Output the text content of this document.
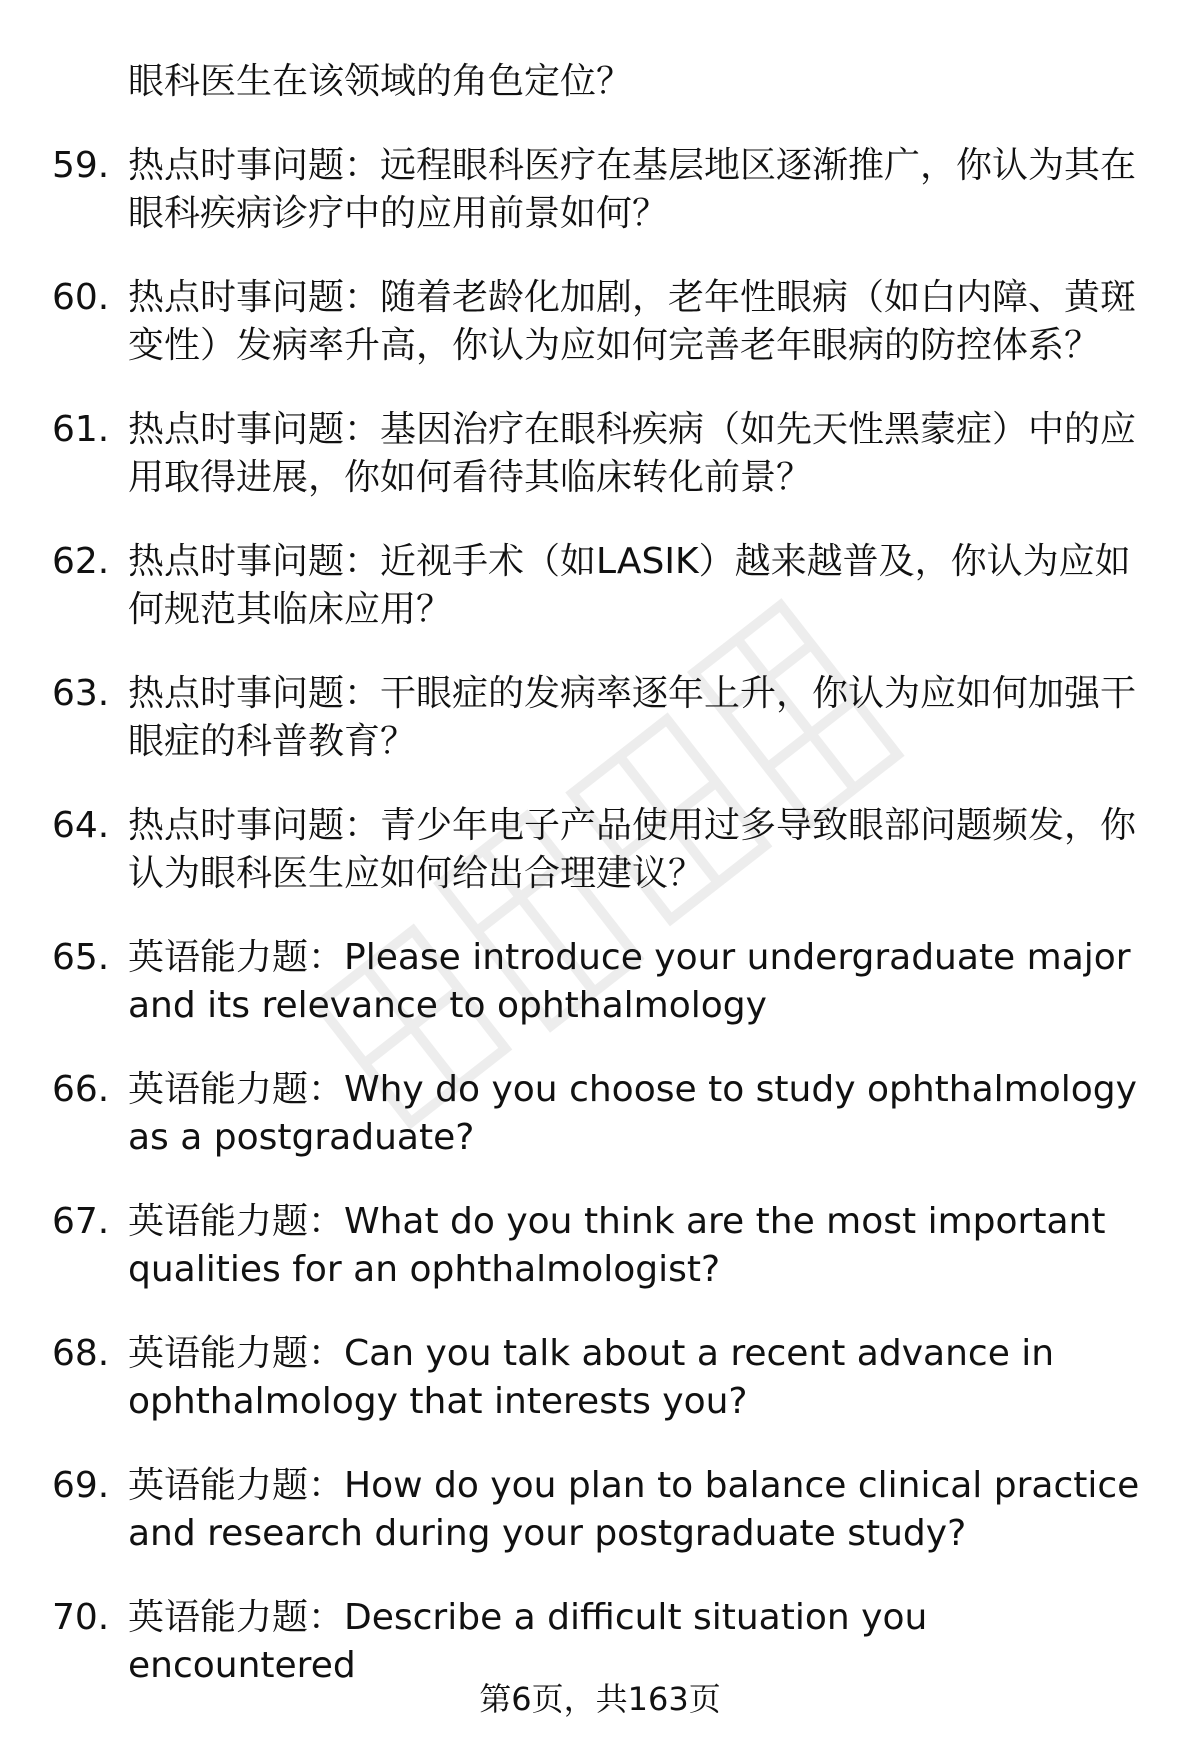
眼科医生在该领域的角色定位？
59. 热点时事问题：远程眼科医疗在基层地区逐渐推广，你认为其在眼科疾病诊疗中的应用前景如何？
60. 热点时事问题：随着老龄化加剧，老年性眼病（如白内障、黄斑变性）发病率升高，你认为应如何完善老年眼病的防控体系？
61. 热点时事问题：基因治疗在眼科疾病（如先天性黑蒙症）中的应用取得进展，你如何看待其临床转化前景？
62. 热点时事问题：近视手术（如LASIK）越来越普及，你认为应如何规范其临床应用？
63. 热点时事问题：干眼症的发病率逐年上升，你认为应如何加强干眼症的科普教育？
64. 热点时事问题：青少年电子产品使用过多导致眼部问题频发，你认为眼科医生应如何给出合理建议？
65. 英语能力题：Please introduce your undergraduate major and its relevance to ophthalmology
66. 英语能力题：Why do you choose to study ophthalmology as a postgraduate?
67. 英语能力题：What do you think are the most important qualities for an ophthalmologist?
68. 英语能力题：Can you talk about a recent advance in ophthalmology that interests you?
69. 英语能力题：How do you plan to balance clinical practice and research during your postgraduate study?
70. 英语能力题：Describe a difficult situation you encountered
第6页，共163页
